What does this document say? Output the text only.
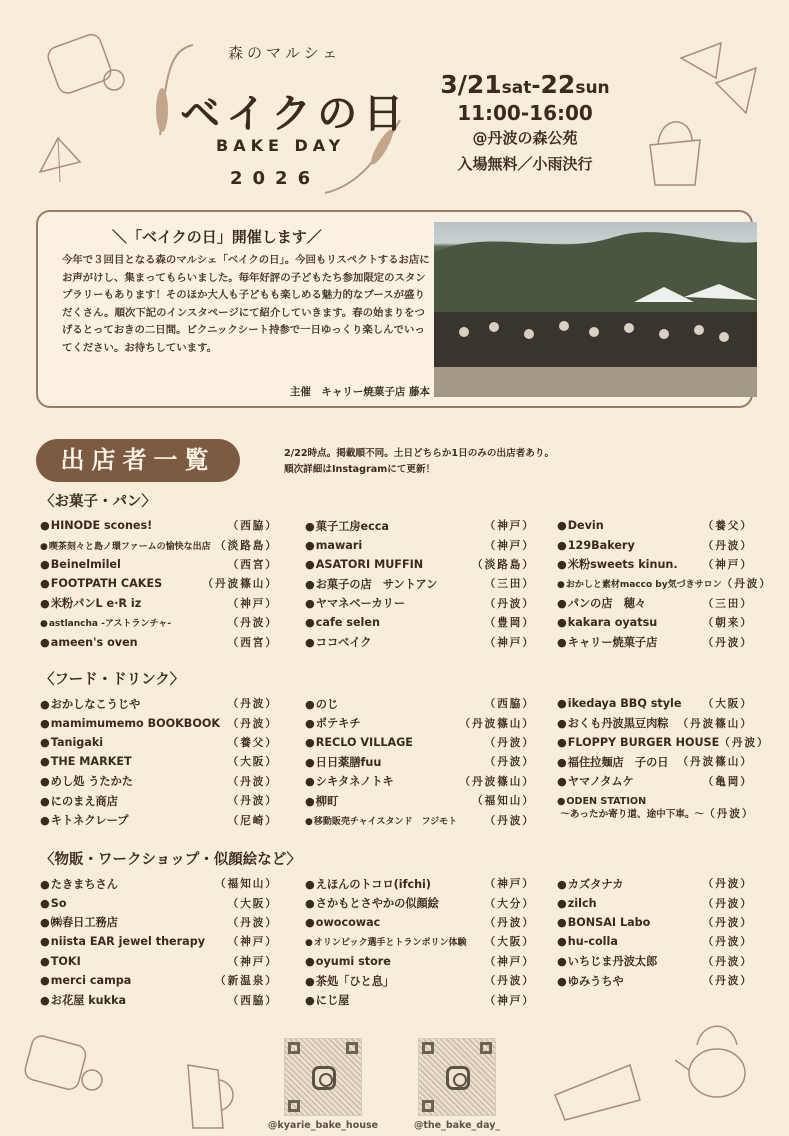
森のマルシェ
ベイクの日
BAKE DAY
2026
3/21sat-22sun
11:00-16:00
@丹波の森公苑
入場無料／小雨決行
＼「ベイクの日」開催します／
今年で３回目となる森のマルシェ「ベイクの日」。今回もリスペクトするお店にお声がけし、集まってもらいました。毎年好評の子どもたち参加限定のスタンプラリーもあります！そのほか大人も子どもも楽しめる魅力的なブースが盛りだくさん。順次下記のインスタページにて紹介していきます。春の始まりをつげるとっておきの二日間。ピクニックシート持参で一日ゆっくり楽しんでいってください。お待ちしています。
主催　キャリー焼菓子店 藤本
出店者一覧	2/22時点。掲載順不同。土日どちらか1日のみの出店者あり。
順次詳細はInstagramにて更新！
〈お菓子・パン〉
● HINODE scones!	（西脇）
● 喫茶刻々と島ノ環ファームの愉快な出店 （淡路島）
● Beinelmilel	（西宮）
● FOOTPATH CAKES	（丹波篠山）
● 米粉パンL e·R iz	（神戸）
● astlancha -アストランチャ-	（丹波）
● ameen's oven	（西宮）
● 菓子工房ecca	（神戸）
● mawari	（神戸）
● ASATORI MUFFIN	（淡路島）
● お菓子の店　サントアン	（三田）
● ヤマネベーカリー	（丹波）
● cafe selen	（豊岡）
● ココベイク	（神戸）
● Devin	（養父）
● 129Bakery	（丹波）
● 米粉sweets kinun. （神戸）
● おかしと素材macco by気づきサロン （丹波）
● パンの店　穂々	（三田）
● kakara oyatsu	（朝来）
● キャリー焼菓子店	（丹波）
〈フード・ドリンク〉
● おかしなこうじや	（丹波）
● mamimumemo BOOKBOOK （丹波）
● Tanigaki	（養父）
● THE MARKET	（大阪）
● めし処 うたかた	（丹波）
● にのまえ商店	（丹波）
● キトネクレープ	（尼崎）
● のじ	（西脇）
● ポテキチ	（丹波篠山）
● RECLO VILLAGE	（丹波）
● 日日薬膳fuu	（丹波）
● シキタネノトキ	（丹波篠山）
● 柳町	（福知山）
● 移動販売チャイスタンド　フジモト	（丹波）
● ikedaya BBQ style （大阪）
● おくも丹波黒豆肉粽 （丹波篠山）
● FLOPPY BURGER HOUSE （丹波）
● 福住拉麺店　子の日 （丹波篠山）
● ヤマノタムケ	（亀岡）
● ODEN STATION
〜あったか寄り道、途中下車。〜 （丹波）
〈物販・ワークショップ・似顔絵など〉
● たきまちさん	（福知山）
● So	（大阪）
● ㈱春日工務店	（丹波）
● niista EAR jewel therapy （神戸）
● TOKI	（神戸）
● merci campa	（新温泉）
● お花屋 kukka	（西脇）
● えほんのトコロ(ifchi)	（神戸）
● さかもとさやかの似顔絵	（大分）
● owocowac	（丹波）
● オリンピック選手とトランポリン体験 （大阪）
● oyumi store	（神戸）
● 茶処「ひと息」	（丹波）
● にじ屋	（神戸）
● カズタナカ	（丹波）
● zilch	（丹波）
● BONSAI Labo	（丹波）
● hu-colla	（丹波）
● いちじま丹波太郎	（丹波）
● ゆみうちや	（丹波）
@kyarie_bake_house	@the_bake_day_
